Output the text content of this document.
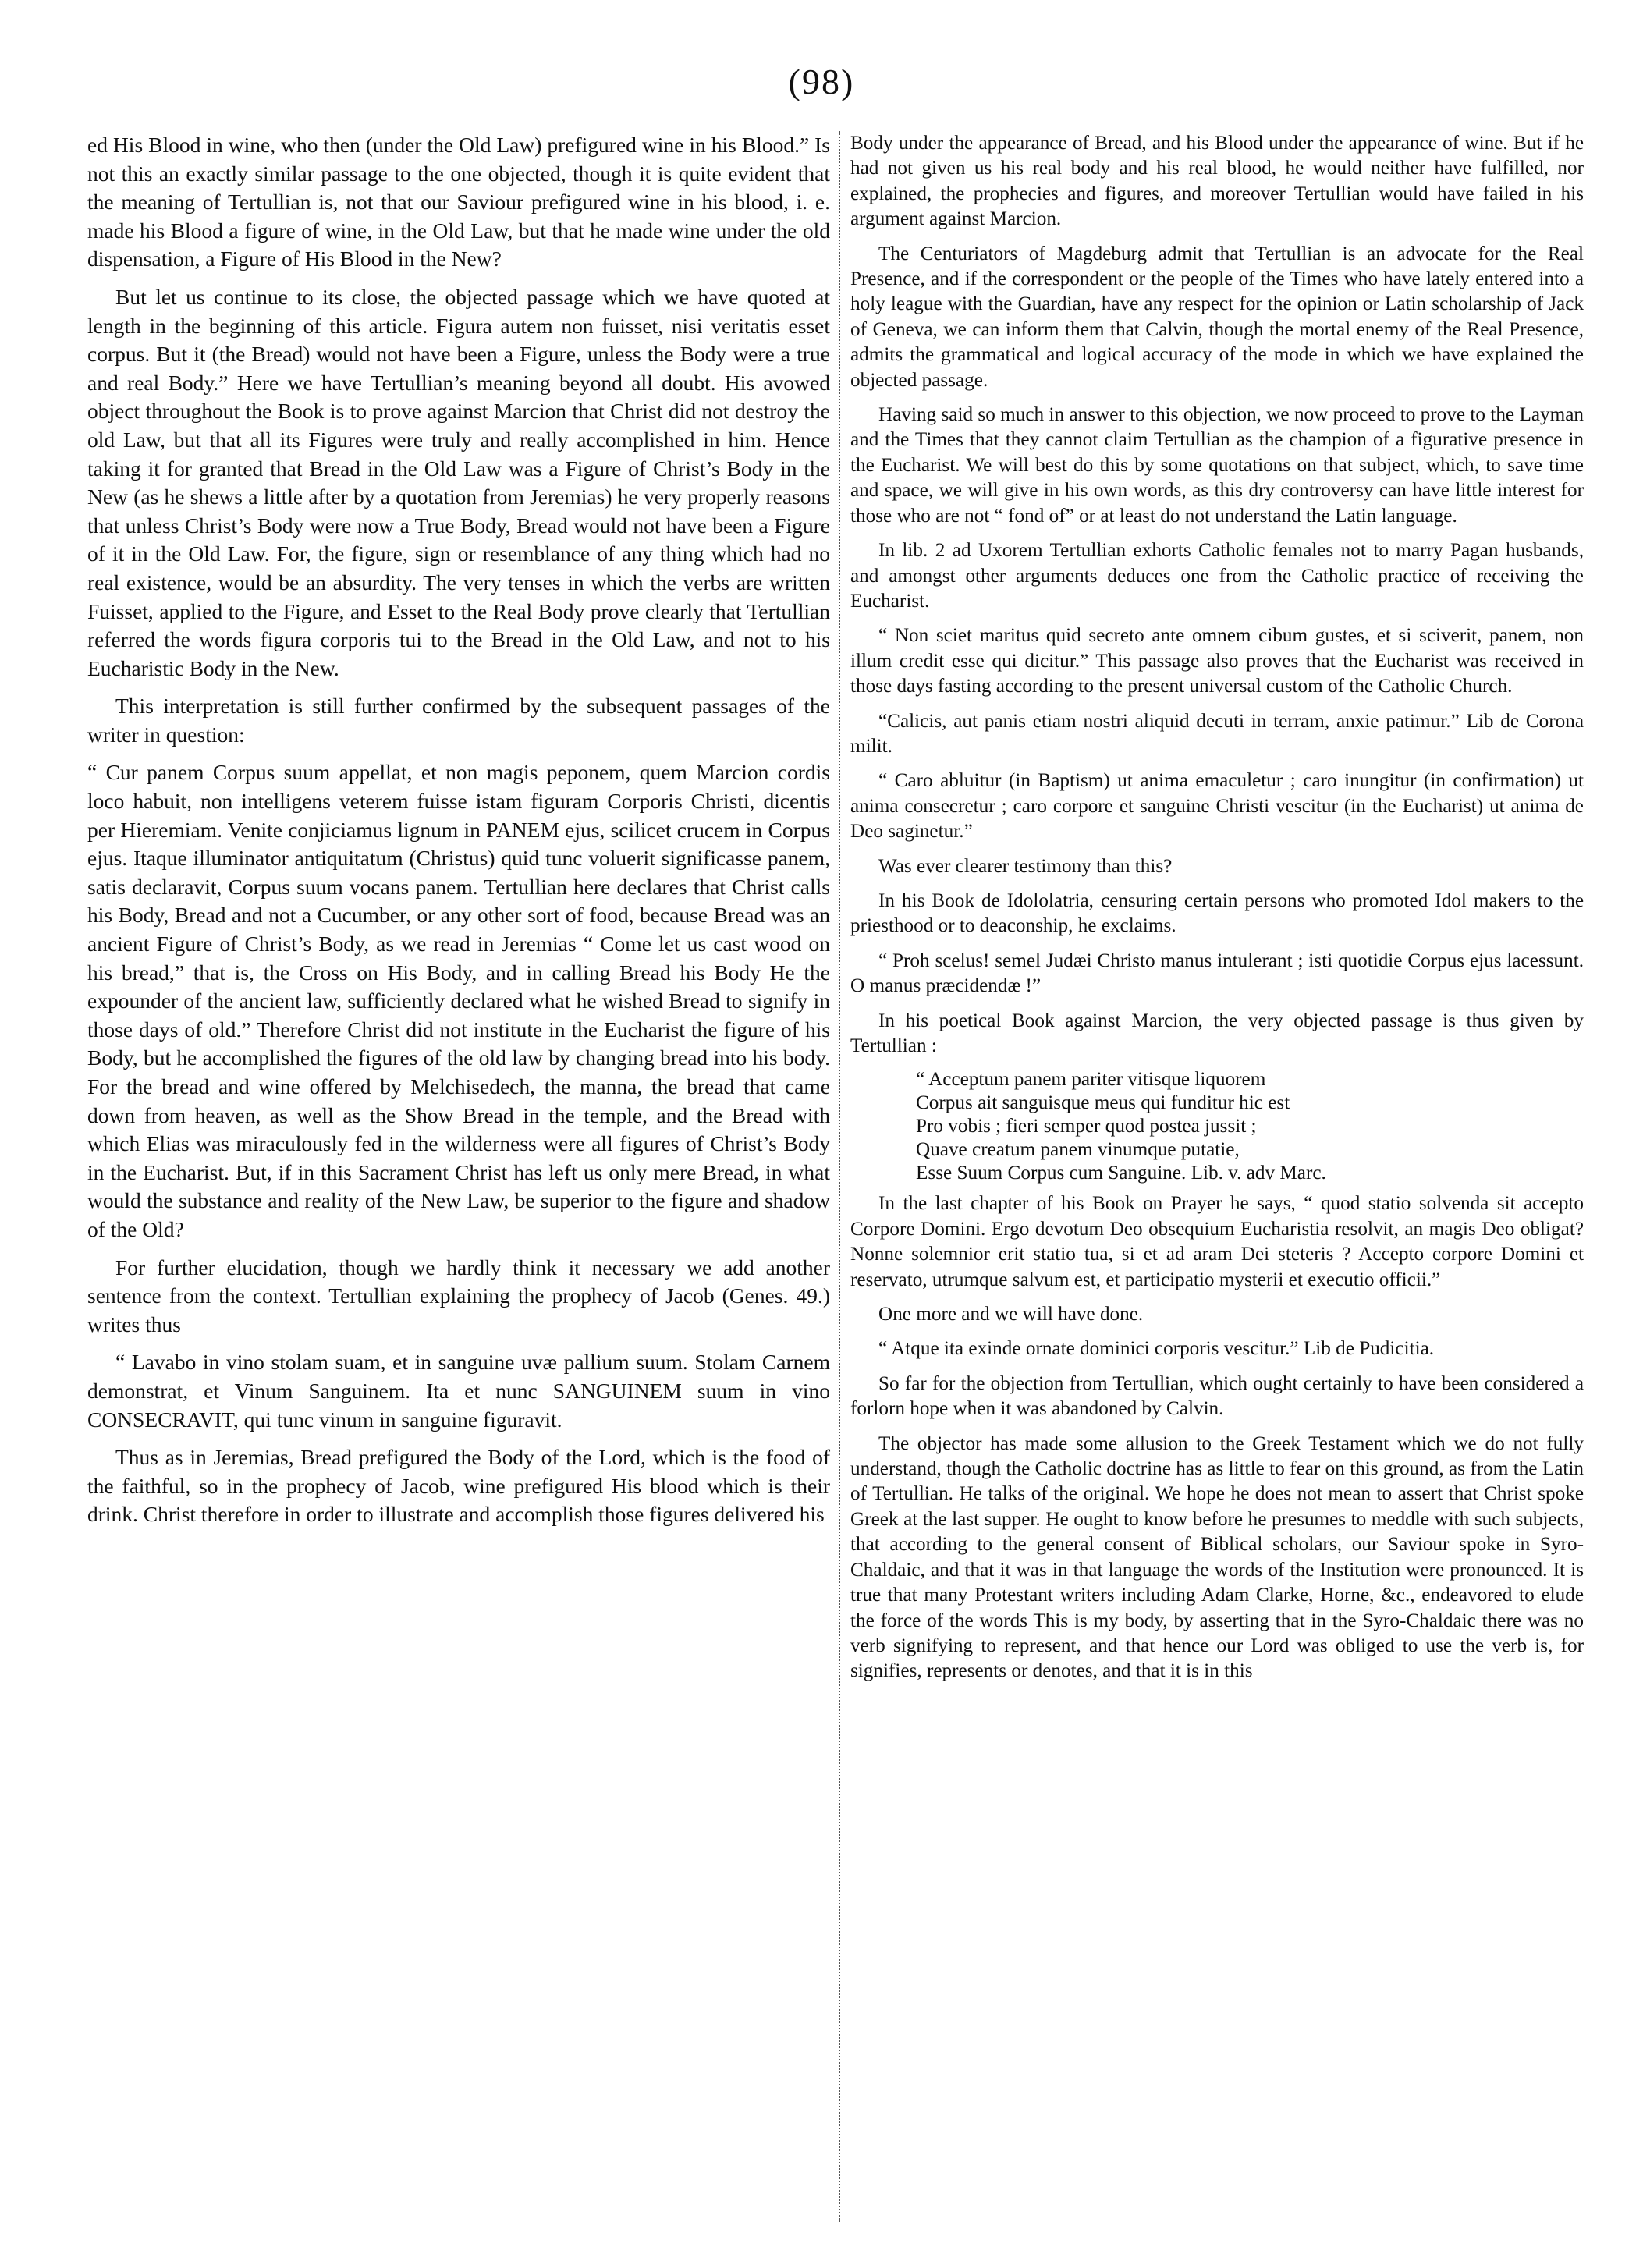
(98)

ed His Blood in wine, who then (under the Old Law) prefigured wine in his Blood.” Is not this an exactly similar passage to the one objected, though it is quite evident that the meaning of Tertullian is, not that our Saviour prefigured wine in his blood, i. e. made his Blood a figure of wine, in the Old Law, but that he made wine under the old dispensation, a Figure of His Blood in the New?

But let us continue to its close, the objected passage which we have quoted at length in the beginning of this article. Figura autem non fuisset, nisi veritatis esset corpus. But it (the Bread) would not have been a Figure, unless the Body were a true and real Body.” Here we have Tertullian’s meaning beyond all doubt. His avowed object throughout the Book is to prove against Marcion that Christ did not destroy the old Law, but that all its Figures were truly and really accomplished in him. Hence taking it for granted that Bread in the Old Law was a Figure of Christ’s Body in the New (as he shews a little after by a quotation from Jeremias) he very properly reasons that unless Christ’s Body were now a True Body, Bread would not have been a Figure of it in the Old Law. For, the figure, sign or resemblance of any thing which had no real existence, would be an absurdity. The very tenses in which the verbs are written Fuisset, applied to the Figure, and Esset to the Real Body prove clearly that Tertullian referred the words figura corporis tui to the Bread in the Old Law, and not to his Eucharistic Body in the New.

This interpretation is still further confirmed by the subsequent passages of the writer in question:

“ Cur panem Corpus suum appellat, et non magis peponem, quem Marcion cordis loco habuit, non intelligens veterem fuisse istam figuram Corporis Christi, dicentis per Hieremiam. Venite conjiciamus lignum in PANEM ejus, scilicet crucem in Corpus ejus. Itaque illuminator antiquitatum (Christus) quid tunc voluerit significasse panem, satis declaravit, Corpus suum vocans panem. Tertullian here declares that Christ calls his Body, Bread and not a Cucumber, or any other sort of food, because Bread was an ancient Figure of Christ’s Body, as we read in Jeremias “ Come let us cast wood on his bread,” that is, the Cross on His Body, and in calling Bread his Body He the expounder of the ancient law, sufficiently declared what he wished Bread to signify in those days of old.” Therefore Christ did not institute in the Eucharist the figure of his Body, but he accomplished the figures of the old law by changing bread into his body. For the bread and wine offered by Melchisedech, the manna, the bread that came down from heaven, as well as the Show Bread in the temple, and the Bread with which Elias was miraculously fed in the wilderness were all figures of Christ’s Body in the Eucharist. But, if in this Sacrament Christ has left us only mere Bread, in what would the substance and reality of the New Law, be superior to the figure and shadow of the Old?

For further elucidation, though we hardly think it necessary we add another sentence from the context. Tertullian explaining the prophecy of Jacob (Genes. 49.) writes thus

“ Lavabo in vino stolam suam, et in sanguine uvæ pallium suum. Stolam Carnem demonstrat, et Vinum Sanguinem. Ita et nunc SANGUINEM suum in vino CONSECRAVIT, qui tunc vinum in sanguine figuravit.

Thus as in Jeremias, Bread prefigured the Body of the Lord, which is the food of the faithful, so in the prophecy of Jacob, wine prefigured His blood which is their drink. Christ therefore in order to illustrate and accomplish those figures delivered his

Body under the appearance of Bread, and his Blood under the appearance of wine. But if he had not given us his real body and his real blood, he would neither have fulfilled, nor explained, the prophecies and figures, and moreover Tertullian would have failed in his argument against Marcion.

The Centuriators of Magdeburg admit that Tertullian is an advocate for the Real Presence, and if the correspondent or the people of the Times who have lately entered into a holy league with the Guardian, have any respect for the opinion or Latin scholarship of Jack of Geneva, we can inform them that Calvin, though the mortal enemy of the Real Presence, admits the grammatical and logical accuracy of the mode in which we have explained the objected passage.

Having said so much in answer to this objection, we now proceed to prove to the Layman and the Times that they cannot claim Tertullian as the champion of a figurative presence in the Eucharist. We will best do this by some quotations on that subject, which, to save time and space, we will give in his own words, as this dry controversy can have little interest for those who are not “ fond of” or at least do not understand the Latin language.

In lib. 2 ad Uxorem Tertullian exhorts Catholic females not to marry Pagan husbands, and amongst other arguments deduces one from the Catholic practice of receiving the Eucharist.

“ Non sciet maritus quid secreto ante omnem cibum gustes, et si sciverit, panem, non illum credit esse qui dicitur.” This passage also proves that the Eucharist was received in those days fasting according to the present universal custom of the Catholic Church.

“Calicis, aut panis etiam nostri aliquid decuti in terram, anxie patimur.” Lib de Corona milit.

“ Caro abluitur (in Baptism) ut anima emaculetur ; caro inungitur (in confirmation) ut anima consecretur ; caro corpore et sanguine Christi vescitur (in the Eucharist) ut anima de Deo saginetur.”

Was ever clearer testimony than this?

In his Book de Idololatria, censuring certain persons who promoted Idol makers to the priesthood or to deaconship, he exclaims.

“ Proh scelus! semel Judæi Christo manus intulerant ; isti quotidie Corpus ejus lacessunt. O manus præcidendæ !”

In his poetical Book against Marcion, the very objected passage is thus given by Tertullian :

“ Acceptum panem pariter vitisque liquorem
Corpus ait sanguisque meus qui funditur hic est
Pro vobis ; fieri semper quod postea jussit ;
Quave creatum panem vinumque putatie,
Esse Suum Corpus cum Sanguine. Lib. v. adv Marc.

In the last chapter of his Book on Prayer he says, “ quod statio solvenda sit accepto Corpore Domini. Ergo devotum Deo obsequium Eucharistia resolvit, an magis Deo obligat? Nonne solemnior erit statio tua, si et ad aram Dei steteris ? Accepto corpore Domini et reservato, utrumque salvum est, et participatio mysterii et executio officii.”

One more and we will have done.

“ Atque ita exinde ornate dominici corporis vescitur.” Lib de Pudicitia.

So far for the objection from Tertullian, which ought certainly to have been considered a forlorn hope when it was abandoned by Calvin.

The objector has made some allusion to the Greek Testament which we do not fully understand, though the Catholic doctrine has as little to fear on this ground, as from the Latin of Tertullian. He talks of the original. We hope he does not mean to assert that Christ spoke Greek at the last supper. He ought to know before he presumes to meddle with such subjects, that according to the general consent of Biblical scholars, our Saviour spoke in Syro-Chaldaic, and that it was in that language the words of the Institution were pronounced. It is true that many Protestant writers including Adam Clarke, Horne, &c., endeavored to elude the force of the words This is my body, by asserting that in the Syro-Chaldaic there was no verb signifying to represent, and that hence our Lord was obliged to use the verb is, for signifies, represents or denotes, and that it is in this
